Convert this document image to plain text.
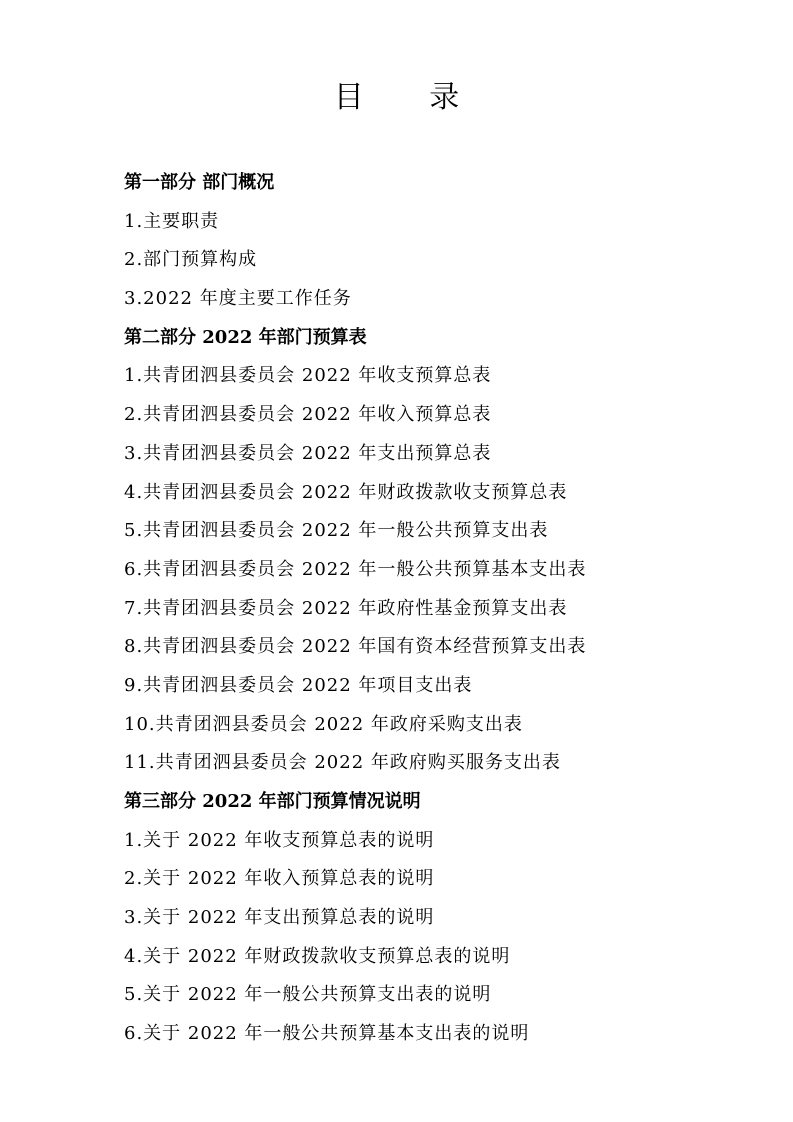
目 录
第一部分 部门概况
1.主要职责
2.部门预算构成
3.2022 年度主要工作任务
第二部分 2022 年部门预算表
1.共青团泗县委员会 2022 年收支预算总表
2.共青团泗县委员会 2022 年收入预算总表
3.共青团泗县委员会 2022 年支出预算总表
4.共青团泗县委员会 2022 年财政拨款收支预算总表
5.共青团泗县委员会 2022 年一般公共预算支出表
6.共青团泗县委员会 2022 年一般公共预算基本支出表
7.共青团泗县委员会 2022 年政府性基金预算支出表
8.共青团泗县委员会 2022 年国有资本经营预算支出表
9.共青团泗县委员会 2022 年项目支出表
10.共青团泗县委员会 2022 年政府采购支出表
11.共青团泗县委员会 2022 年政府购买服务支出表
第三部分 2022 年部门预算情况说明
1.关于 2022 年收支预算总表的说明
2.关于 2022 年收入预算总表的说明
3.关于 2022 年支出预算总表的说明
4.关于 2022 年财政拨款收支预算总表的说明
5.关于 2022 年一般公共预算支出表的说明
6.关于 2022 年一般公共预算基本支出表的说明
